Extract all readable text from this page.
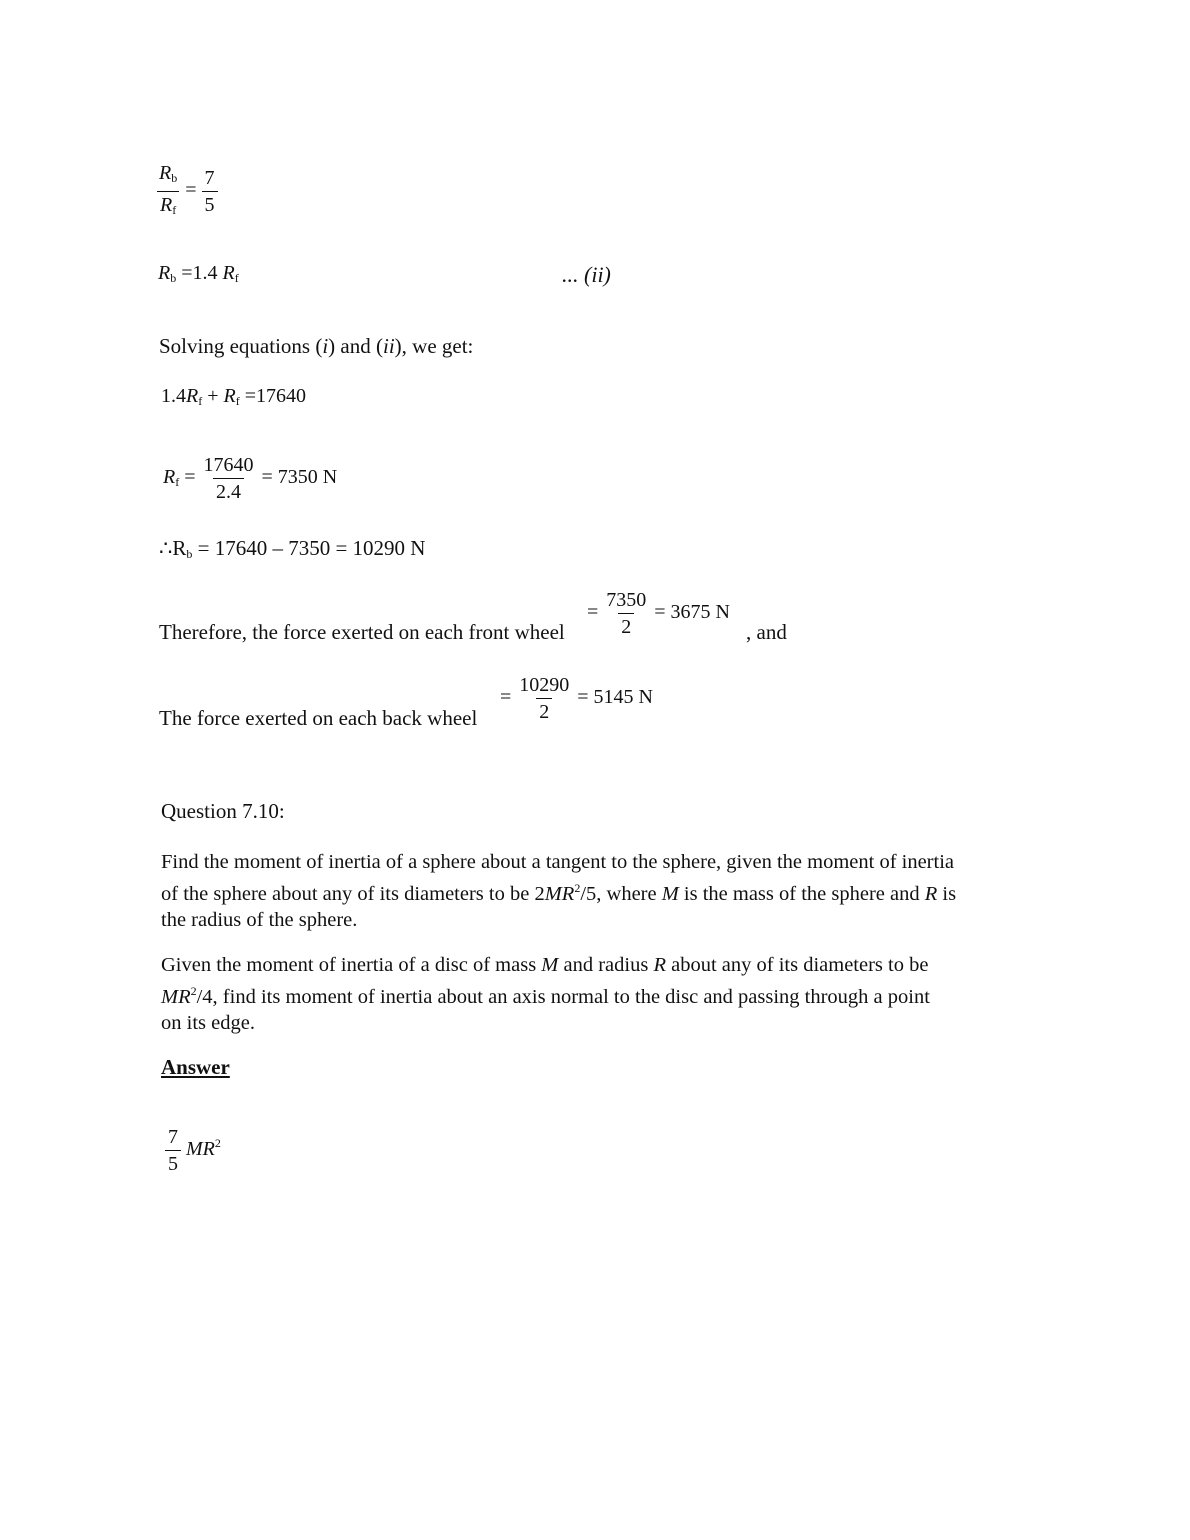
$\frac{R_b}{R_f} = \frac{7}{5}$
$R_b =1.4$ $R_f$	... (ii)
Solving equations (i) and (ii), we get:
$1.4R_f + R_f =17640$
$R_f = \frac{17640}{2.4} = 7350$ N
$\therefore R_b = 17640 - 7350 = 10290$ N
Therefore, the force exerted on each front wheel
= $\frac{7350}{2} = 3675$ N
, and
The force exerted on each back wheel
= $\frac{10290}{2} = 5145$ N
Question 7.10:
Find the moment of inertia of a sphere about a tangent to the sphere, given the moment of inertia of the sphere about any of its diameters to be $2MR^2/5$, where M is the mass of the sphere and R is the radius of the sphere.
Given the moment of inertia of a disc of mass M and radius R about any of its diameters to be $MR^2/4$, find its moment of inertia about an axis normal to the disc and passing through a point on its edge.
Answer
$\frac{7}{5} MR^2$
